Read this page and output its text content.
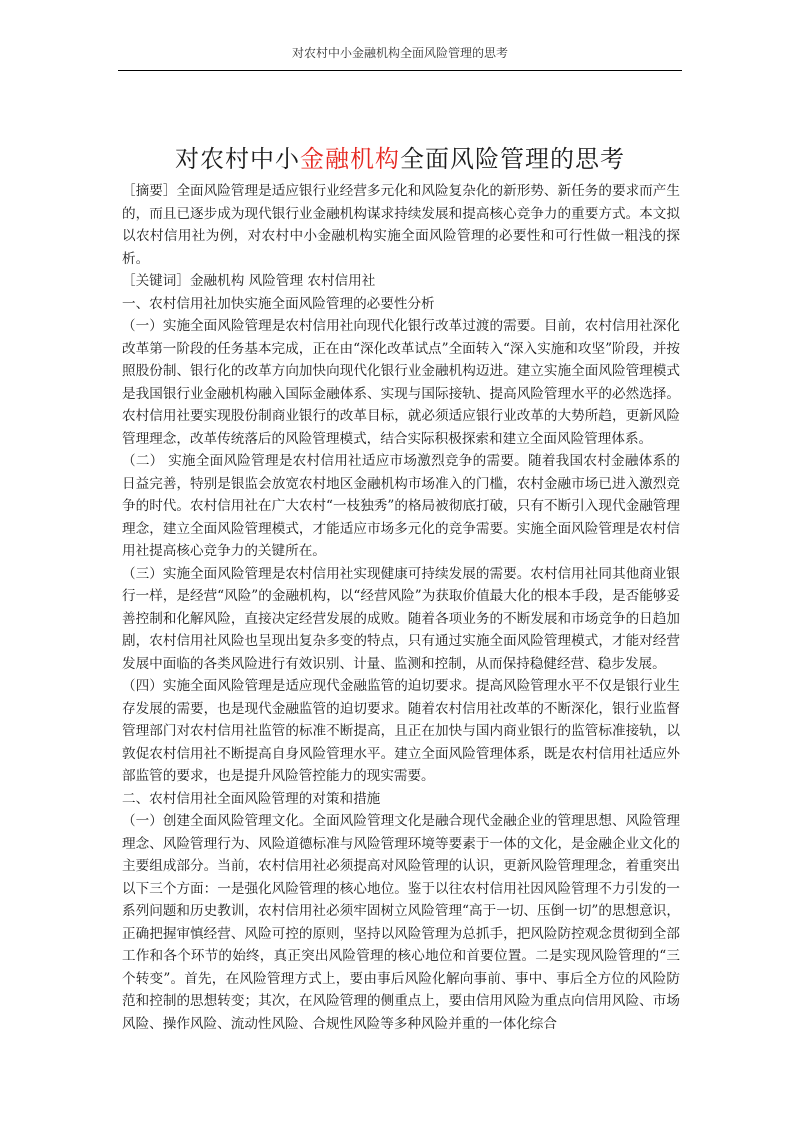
对农村中小金融机构全面风险管理的思考
对农村中小金融机构全面风险管理的思考

［摘要］全面风险管理是适应银行业经营多元化和风险复杂化的新形势、新任务的要求而产生的，而且已逐步成为现代银行业金融机构谋求持续发展和提高核心竞争力的重要方式。本文拟以农村信用社为例，对农村中小金融机构实施全面风险管理的必要性和可行性做一粗浅的探析。

［关键词］金融机构 风险管理 农村信用社

一、农村信用社加快实施全面风险管理的必要性分析

（一）实施全面风险管理是农村信用社向现代化银行改革过渡的需要。目前，农村信用社深化改革第一阶段的任务基本完成，正在由“深化改革试点”全面转入“深入实施和攻坚”阶段，并按照股份制、银行化的改革方向加快向现代化银行业金融机构迈进。建立实施全面风险管理模式是我国银行业金融机构融入国际金融体系、实现与国际接轨、提高风险管理水平的必然选择。农村信用社要实现股份制商业银行的改革目标，就必须适应银行业改革的大势所趋，更新风险管理理念，改革传统落后的风险管理模式，结合实际积极探索和建立全面风险管理体系。

（二） 实施全面风险管理是农村信用社适应市场激烈竞争的需要。随着我国农村金融体系的日益完善，特别是银监会放宽农村地区金融机构市场准入的门槛，农村金融市场已进入激烈竞争的时代。农村信用社在广大农村“一枝独秀”的格局被彻底打破，只有不断引入现代金融管理理念，建立全面风险管理模式，才能适应市场多元化的竞争需要。实施全面风险管理是农村信用社提高核心竞争力的关键所在。

（三）实施全面风险管理是农村信用社实现健康可持续发展的需要。农村信用社同其他商业银行一样，是经营“风险”的金融机构，以“经营风险”为获取价值最大化的根本手段，是否能够妥善控制和化解风险，直接决定经营发展的成败。随着各项业务的不断发展和市场竞争的日趋加剧，农村信用社风险也呈现出复杂多变的特点，只有通过实施全面风险管理模式，才能对经营发展中面临的各类风险进行有效识别、计量、监测和控制，从而保持稳健经营、稳步发展。

（四）实施全面风险管理是适应现代金融监管的迫切要求。提高风险管理水平不仅是银行业生存发展的需要，也是现代金融监管的迫切要求。随着农村信用社改革的不断深化，银行业监督管理部门对农村信用社监管的标准不断提高，且正在加快与国内商业银行的监管标准接轨，以敦促农村信用社不断提高自身风险管理水平。建立全面风险管理体系，既是农村信用社适应外部监管的要求，也是提升风险管控能力的现实需要。

二、农村信用社全面风险管理的对策和措施

（一）创建全面风险管理文化。全面风险管理文化是融合现代金融企业的管理思想、风险管理理念、风险管理行为、风险道德标准与风险管理环境等要素于一体的文化，是金融企业文化的主要组成部分。当前，农村信用社必须提高对风险管理的认识，更新风险管理理念，着重突出以下三个方面：一是强化风险管理的核心地位。鉴于以往农村信用社因风险管理不力引发的一系列问题和历史教训，农村信用社必须牢固树立风险管理“高于一切、压倒一切”的思想意识，正确把握审慎经营、风险可控的原则，坚持以风险管理为总抓手，把风险防控观念贯彻到全部工作和各个环节的始终，真正突出风险管理的核心地位和首要位置。二是实现风险管理的“三个转变”。首先，在风险管理方式上，要由事后风险化解向事前、事中、事后全方位的风险防范和控制的思想转变；其次，在风险管理的侧重点上，要由信用风险为重点向信用风险、市场风险、操作风险、流动性风险、合规性风险等多种风险并重的一体化综合
